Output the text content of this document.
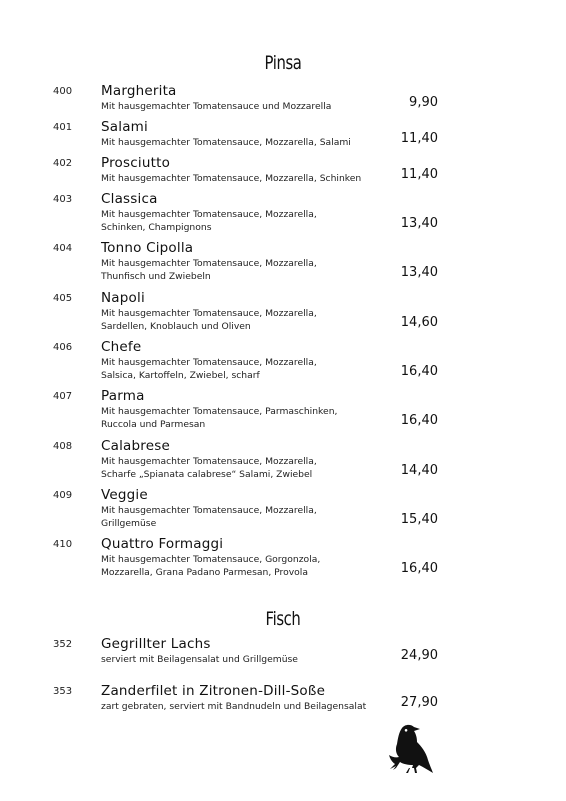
Pinsa
400 Margherita
Mit hausgemachter Tomatensauce und Mozzarella	9,90
401 Salami
Mit hausgemachter Tomatensauce, Mozzarella, Salami	11,40
402 Prosciutto
Mit hausgemachter Tomatensauce, Mozzarella, Schinken	11,40
403 Classica
Mit hausgemachter Tomatensauce, Mozzarella,
Schinken, Champignons	13,40
404 Tonno Cipolla
Mit hausgemachter Tomatensauce, Mozzarella,
Thunfisch und Zwiebeln	13,40
405 Napoli
Mit hausgemachter Tomatensauce, Mozzarella,
Sardellen, Knoblauch und Oliven	14,60
406 Chefe
Mit hausgemachter Tomatensauce, Mozzarella,
Salsica, Kartoffeln, Zwiebel, scharf	16,40
407 Parma
Mit hausgemachter Tomatensauce, Parmaschinken,
Ruccola und Parmesan	16,40
408 Calabrese
Mit hausgemachter Tomatensauce, Mozzarella,
Scharfe „Spianata calabrese“ Salami, Zwiebel	14,40
409 Veggie
Mit hausgemachter Tomatensauce, Mozzarella,
Grillgemüse	15,40
410 Quattro Formaggi
Mit hausgemachter Tomatensauce, Gorgonzola,
Mozzarella, Grana Padano Parmesan, Provola	16,40
Fisch
352 Gegrillter Lachs
serviert mit Beilagensalat und Grillgemüse	24,90
353 Zanderfilet in Zitronen-Dill-Soße
zart gebraten, serviert mit Bandnudeln und Beilagensalat	27,90
